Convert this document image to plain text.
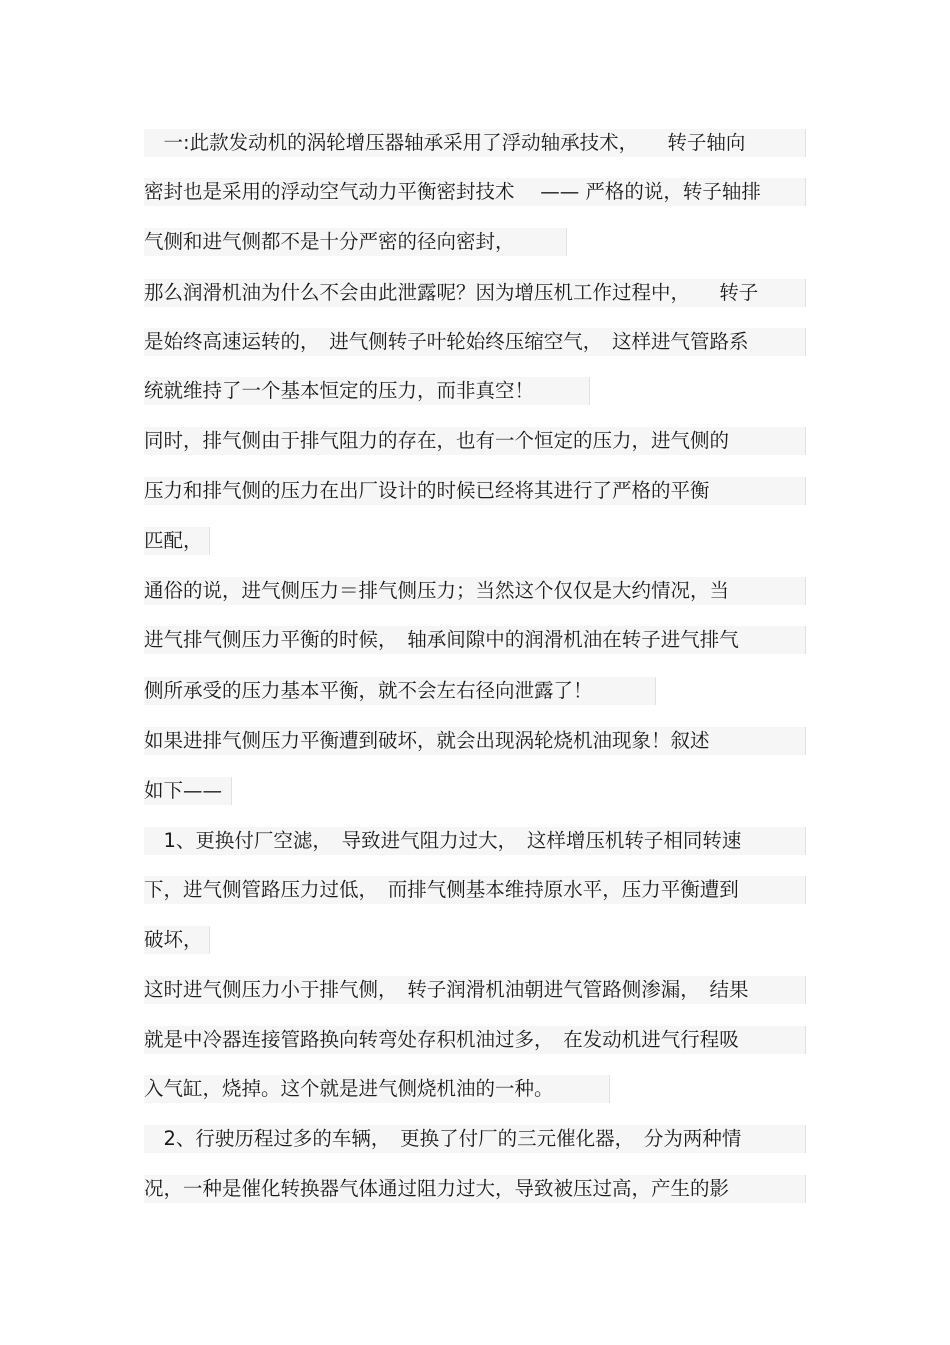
　一:此款发动机的涡轮增压器轴承采用了浮动轴承技术，　　转子轴向
密封也是采用的浮动空气动力平衡密封技术　 —— 严格的说，转子轴排
气侧和进气侧都不是十分严密的径向密封，
那么润滑机油为什么不会由此泄露呢？因为增压机工作过程中，　　转子
是始终高速运转的，　进气侧转子叶轮始终压缩空气，　这样进气管路系
统就维持了一个基本恒定的压力，而非真空！
同时，排气侧由于排气阻力的存在，也有一个恒定的压力，进气侧的
压力和排气侧的压力在出厂设计的时候已经将其进行了严格的平衡
匹配，
通俗的说，进气侧压力＝排气侧压力；当然这个仅仅是大约情况，当
进气排气侧压力平衡的时候，　轴承间隙中的润滑机油在转子进气排气
侧所承受的压力基本平衡，就不会左右径向泄露了！
如果进排气侧压力平衡遭到破坏，就会出现涡轮烧机油现象！叙述
如下——
　1、更换付厂空滤，　导致进气阻力过大，　这样增压机转子相同转速
下，进气侧管路压力过低，　而排气侧基本维持原水平，压力平衡遭到
破坏，
这时进气侧压力小于排气侧，　转子润滑机油朝进气管路侧渗漏，　结果
就是中冷器连接管路换向转弯处存积机油过多，　在发动机进气行程吸
入气缸，烧掉。这个就是进气侧烧机油的一种。
　2、行驶历程过多的车辆，　更换了付厂的三元催化器，　分为两种情
况，一种是催化转换器气体通过阻力过大，导致被压过高，产生的影
